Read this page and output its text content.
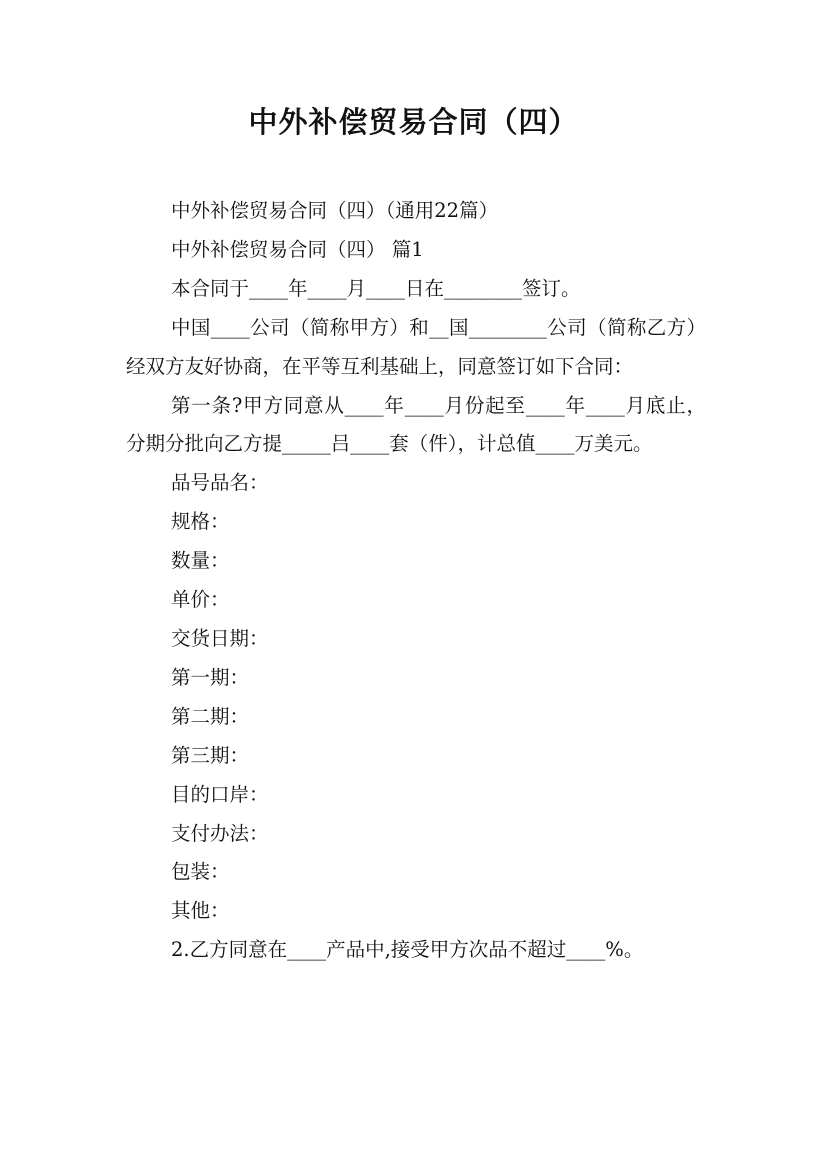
中外补偿贸易合同（四）

中外补偿贸易合同（四）（通用22篇）

中外补偿贸易合同（四） 篇1

本合同于____年____月____日在________签订。

中国____公司（简称甲方）和__国________公司（简称乙方）经双方友好协商，在平等互利基础上，同意签订如下合同：

第一条?甲方同意从____年____月份起至____年____月底止，分期分批向乙方提_____吕____套（件），计总值____万美元。

品号品名：

规格：

数量：

单价：

交货日期：

第一期：

第二期：

第三期：

目的口岸：

支付办法：

包装：

其他：

2.乙方同意在____产品中,接受甲方次品不超过____%。
